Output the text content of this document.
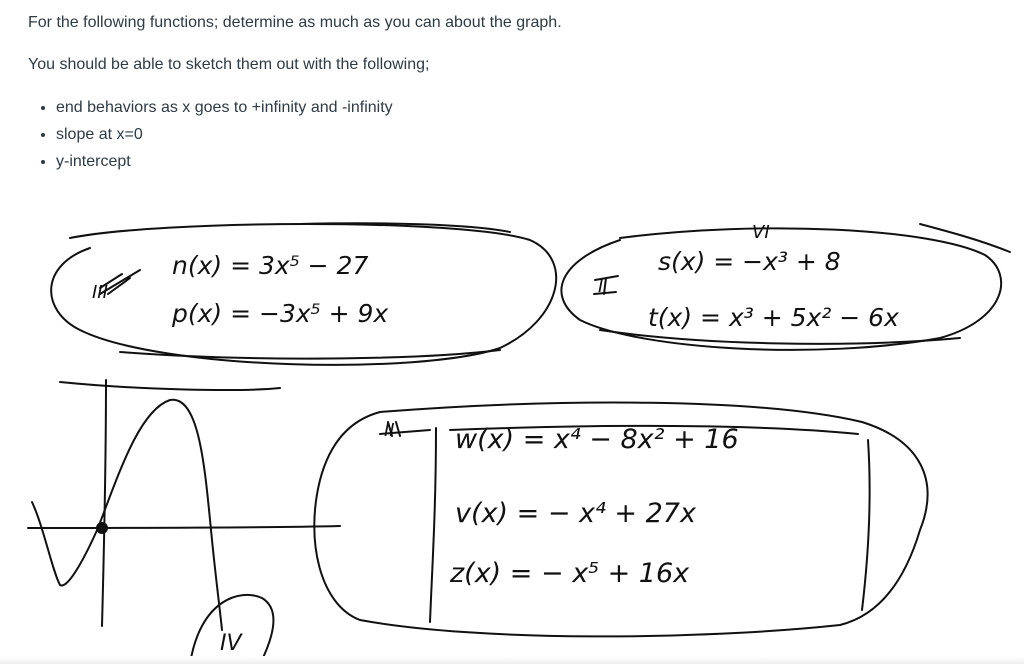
For the following functions; determine as much as you can about the graph.

You should be able to sketch them out with the following;

• end behaviors as x goes to +infinity and -infinity
• slope at x=0
• y-intercept
n(x) = 3x⁵ − 27
p(x) = −3x⁵ + 9x
s(x) = −x³ + 8
t(x) = x³ + 5x² − 6x
w(x) = x⁴ − 8x² + 16
v(x) = − x⁴ + 27x
z(x) = − x⁵ + 16x
III	I
II
VI
IV
